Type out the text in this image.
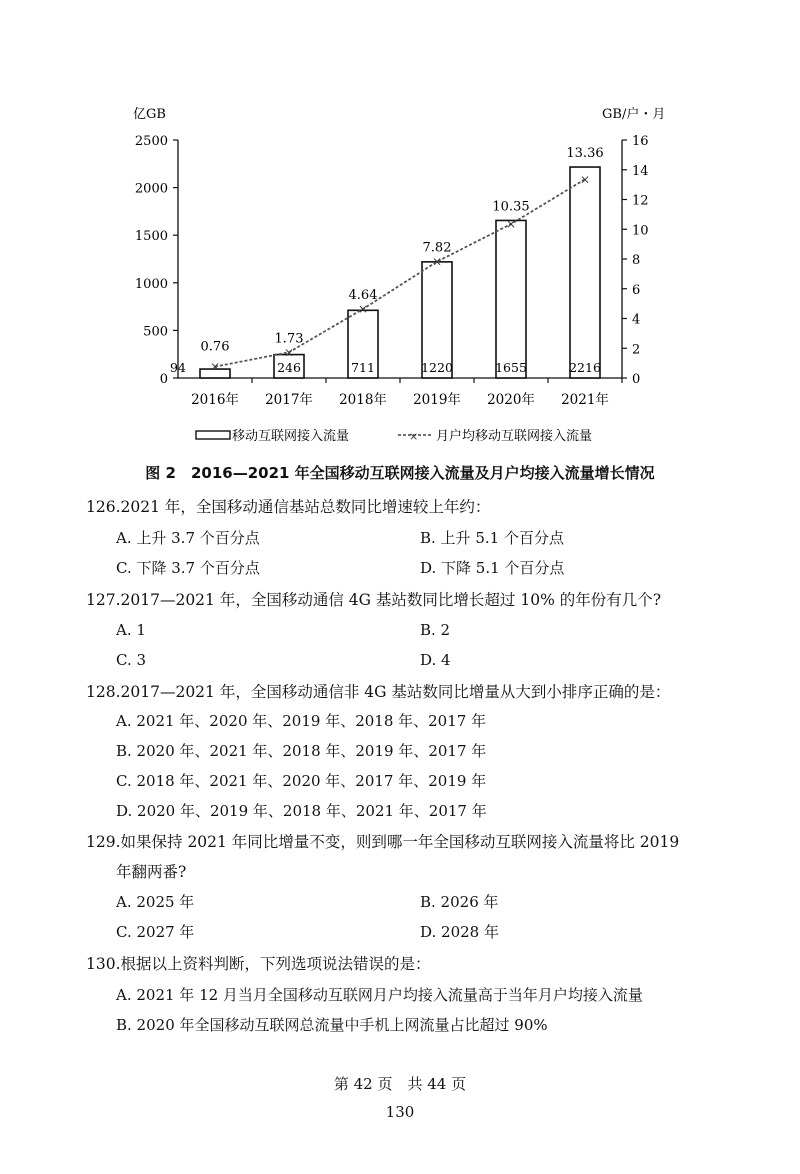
亿GB	GB/户・月
0
500
1000
1500
2000
2500
0
2
4
6
8
10
12
14
16
2016年 2017年 2018年 2019年 2020年 2021年
94	246	711	1220	1655	2216
×
0.76	×
1.73
×
4.64
×
7.82
×
10.35
×
13.36
移动互联网接入流量	× 月户均移动互联网接入流量
图 2　2016—2021 年全国移动互联网接入流量及月户均接入流量增长情况
126.2021 年，全国移动通信基站总数同比增速较上年约：
A. 上升 3.7 个百分点	B. 上升 5.1 个百分点
C. 下降 3.7 个百分点	D. 下降 5.1 个百分点
127.2017—2021 年，全国移动通信 4G 基站数同比增长超过 10% 的年份有几个?
A. 1	B. 2
C. 3	D. 4
128.2017—2021 年，全国移动通信非 4G 基站数同比增量从大到小排序正确的是：
A. 2021 年、2020 年、2019 年、2018 年、2017 年
B. 2020 年、2021 年、2018 年、2019 年、2017 年
C. 2018 年、2021 年、2020 年、2017 年、2019 年
D. 2020 年、2019 年、2018 年、2021 年、2017 年
129.如果保持 2021 年同比增量不变，则到哪一年全国移动互联网接入流量将比 2019
年翻两番?
A. 2025 年	B. 2026 年
C. 2027 年	D. 2028 年
130.根据以上资料判断，下列选项说法错误的是：
A. 2021 年 12 月当月全国移动互联网月户均接入流量高于当年月户均接入流量
B. 2020 年全国移动互联网总流量中手机上网流量占比超过 90%
第 42 页　共 44 页
130
